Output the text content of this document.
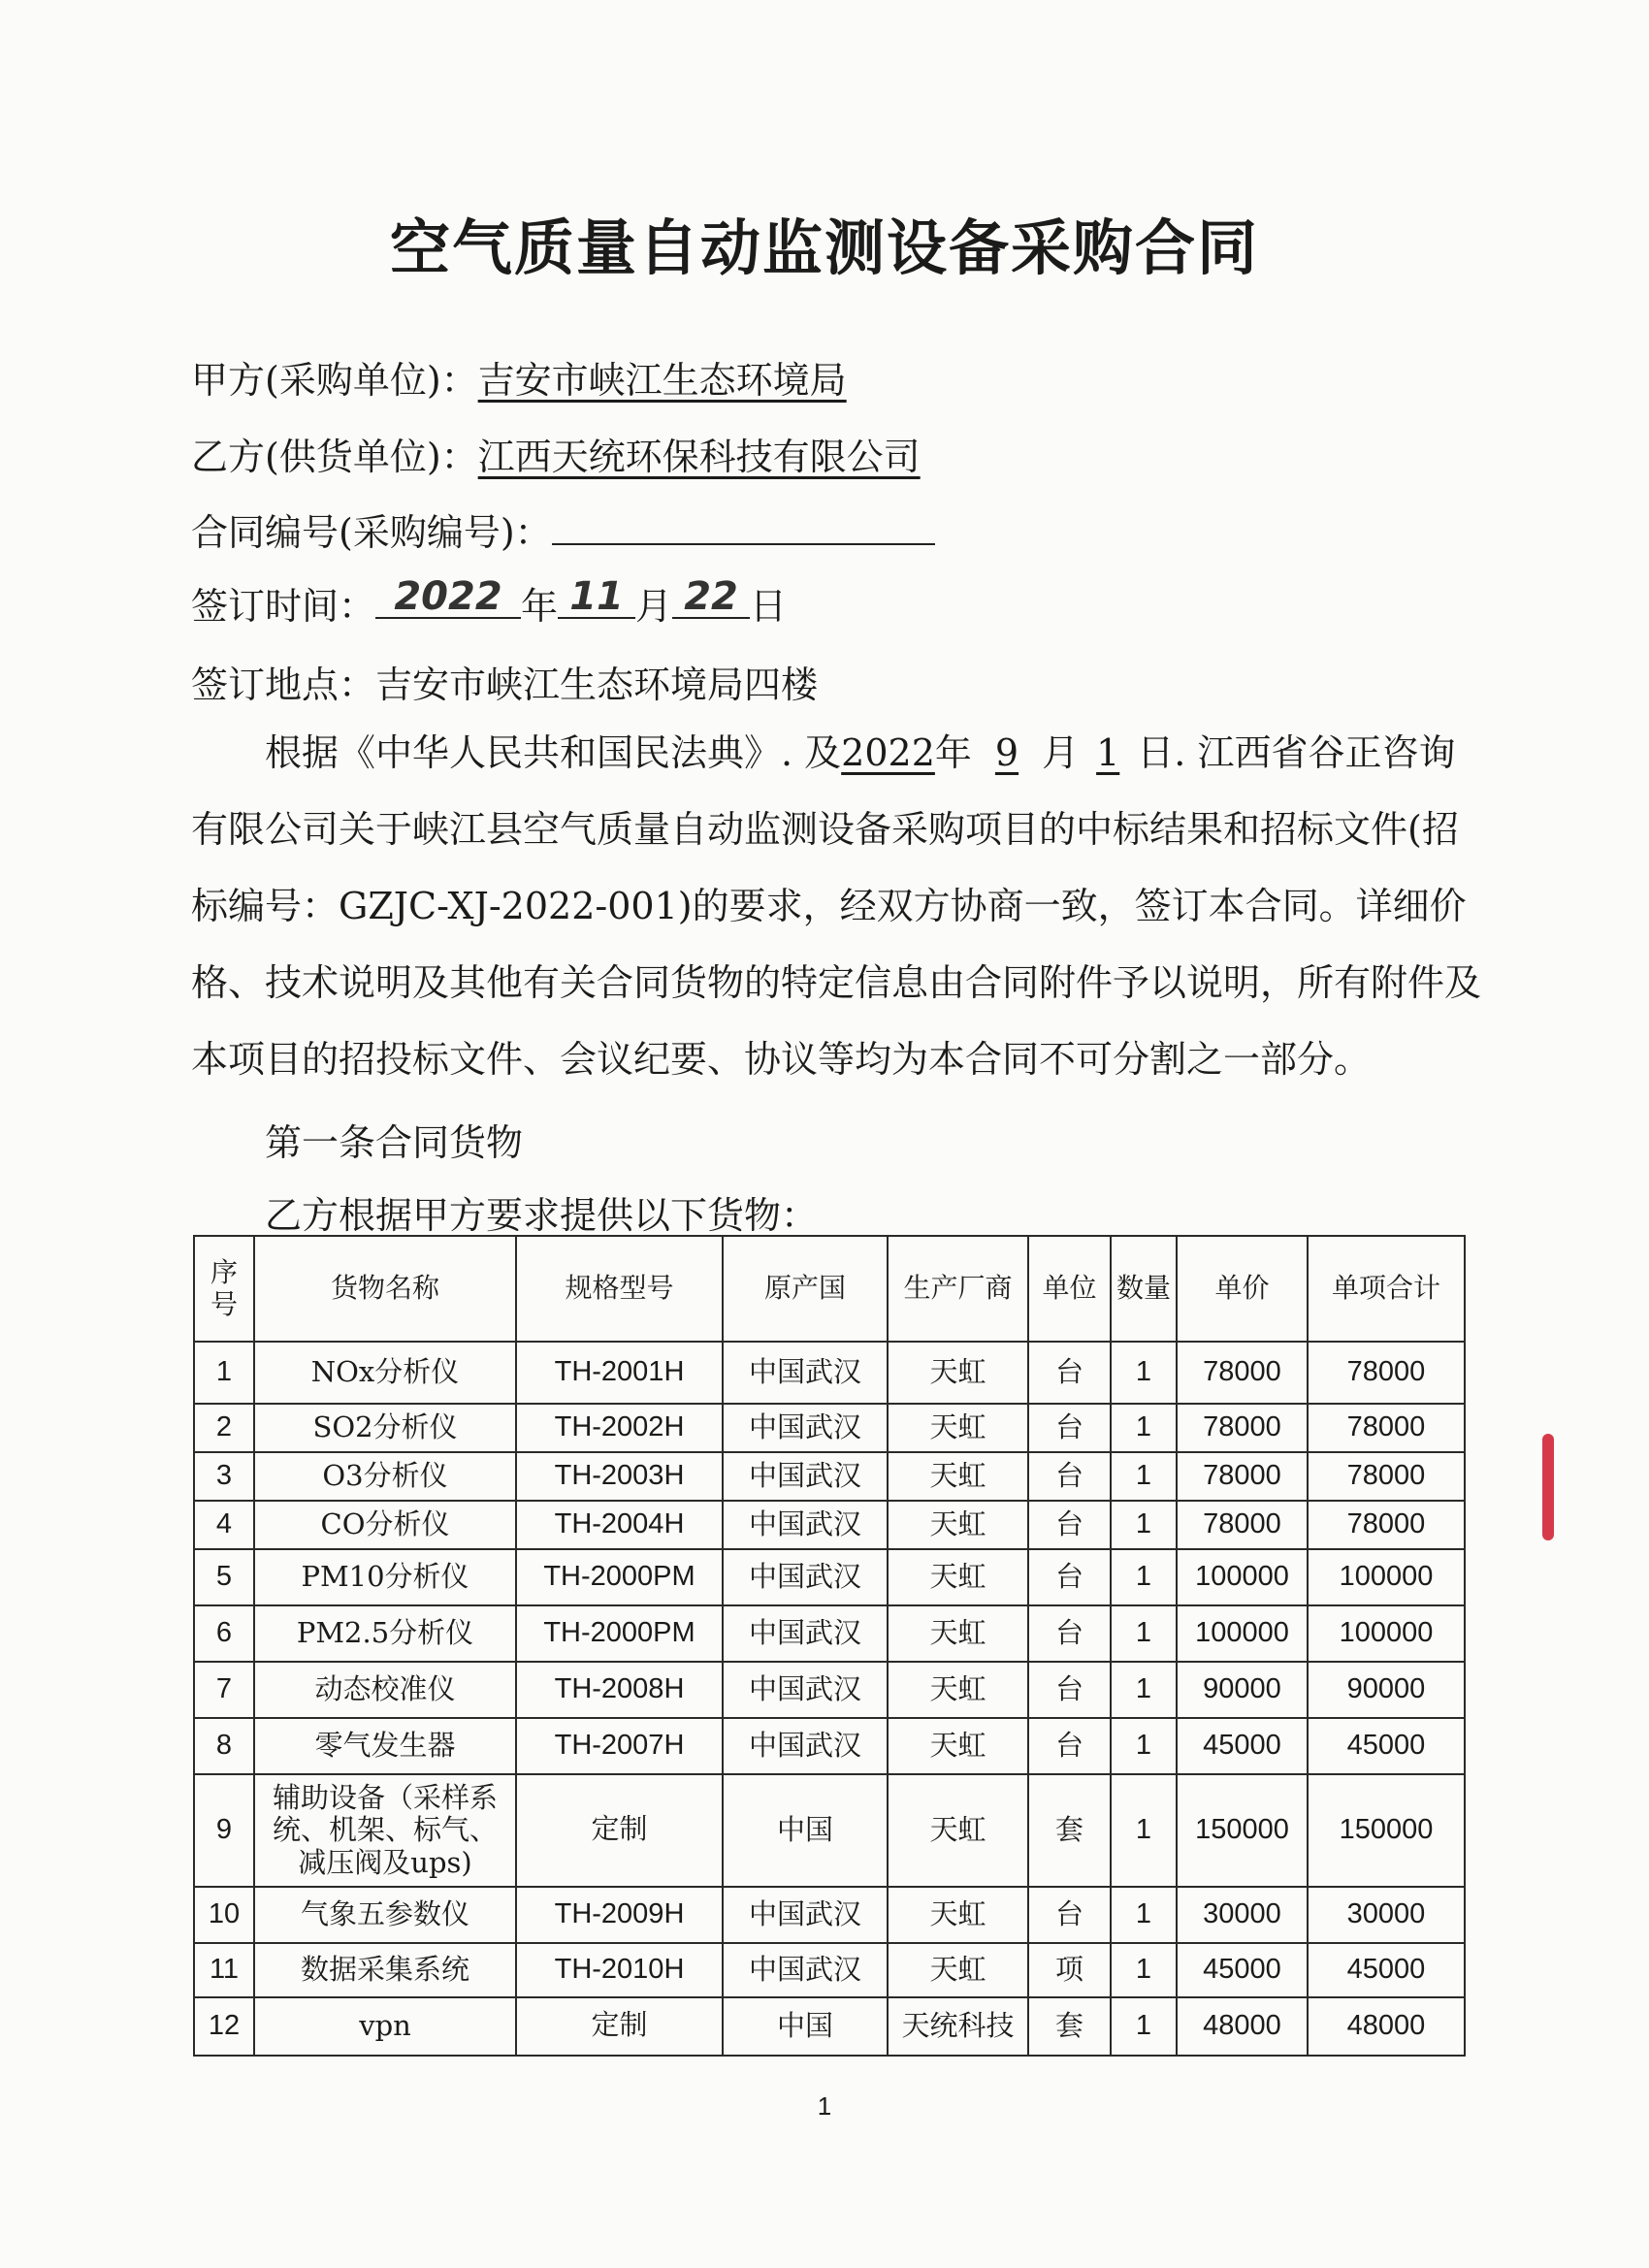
空气质量自动监测设备采购合同
甲方(采购单位)：吉安市峡江生态环境局
乙方(供货单位)：江西天统环保科技有限公司
合同编号(采购编号)：
签订时间： 2022 年 11 月 22 日
签订地点：吉安市峡江生态环境局四楼
根据《中华人民共和国民法典》. 及2022年 9 月 1 日. 江西省谷正咨询有限公司关于峡江县空气质量自动监测设备采购项目的中标结果和招标文件(招标编号：GZJC-XJ-2022-001)的要求，经双方协商一致，签订本合同。详细价格、技术说明及其他有关合同货物的特定信息由合同附件予以说明，所有附件及本项目的招投标文件、会议纪要、协议等均为本合同不可分割之一部分。
第一条合同货物
乙方根据甲方要求提供以下货物：
序号	货物名称	规格型号	原产国	生产厂商	单位	数量	单价	单项合计
1	NOx分析仪	TH-2001H	中国武汉	天虹	台	1	78000	78000
2	SO2分析仪	TH-2002H	中国武汉	天虹	台	1	78000	78000
3	O3分析仪	TH-2003H	中国武汉	天虹	台	1	78000	78000
4	CO分析仪	TH-2004H	中国武汉	天虹	台	1	78000	78000
5	PM10分析仪	TH-2000PM	中国武汉	天虹	台	1	100000	100000
6	PM2.5分析仪	TH-2000PM	中国武汉	天虹	台	1	100000	100000
7	动态校准仪	TH-2008H	中国武汉	天虹	台	1	90000	90000
8	零气发生器	TH-2007H	中国武汉	天虹	台	1	45000	45000
9	辅助设备（采样系统、机架、标气、减压阀及ups)	定制	中国	天虹	套	1	150000	150000
10	气象五参数仪	TH-2009H	中国武汉	天虹	台	1	30000	30000
11	数据采集系统	TH-2010H	中国武汉	天虹	项	1	45000	45000
12	vpn	定制	中国	天统科技	套	1	48000	48000
1
